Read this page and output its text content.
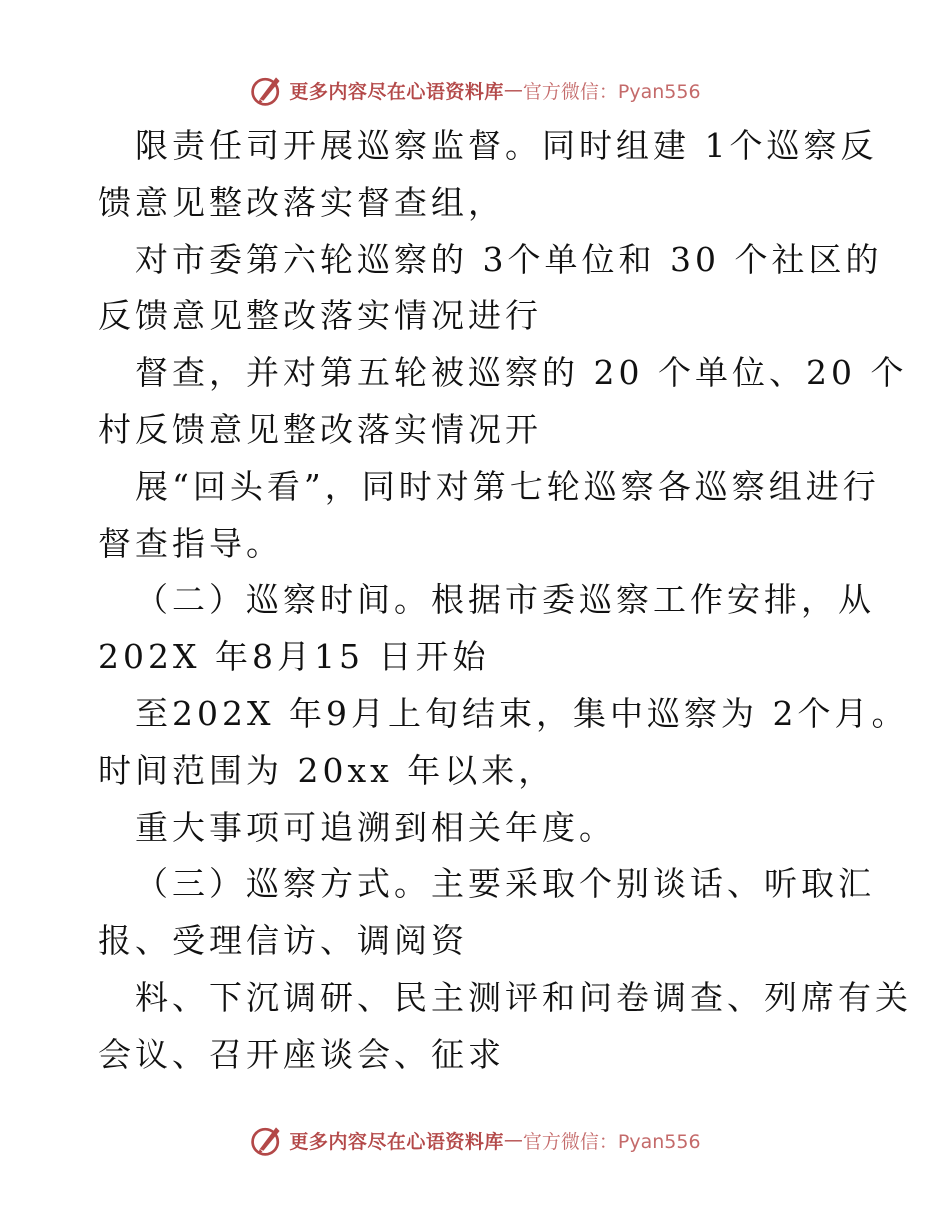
更多内容尽在心语资料库 — 官方微信：Pyan556
限责任司开展巡察监督。同时组建 1个巡察反
馈意见整改落实督查组，
对市委第六轮巡察的 3个单位和 30 个社区的
反馈意见整改落实情况进行
督查，并对第五轮被巡察的 20 个单位、20 个
村反馈意见整改落实情况开
展“回头看”，同时对第七轮巡察各巡察组进行
督查指导。
（二）巡察时间。根据市委巡察工作安排，从
202X 年8月15 日开始
至202X 年9月上旬结束，集中巡察为 2个月。
时间范围为 20xx 年以来，
重大事项可追溯到相关年度。
（三）巡察方式。主要采取个别谈话、听取汇
报、受理信访、调阅资
料、下沉调研、民主测评和问卷调查、列席有关
会议、召开座谈会、征求
更多内容尽在心语资料库 — 官方微信：Pyan556
